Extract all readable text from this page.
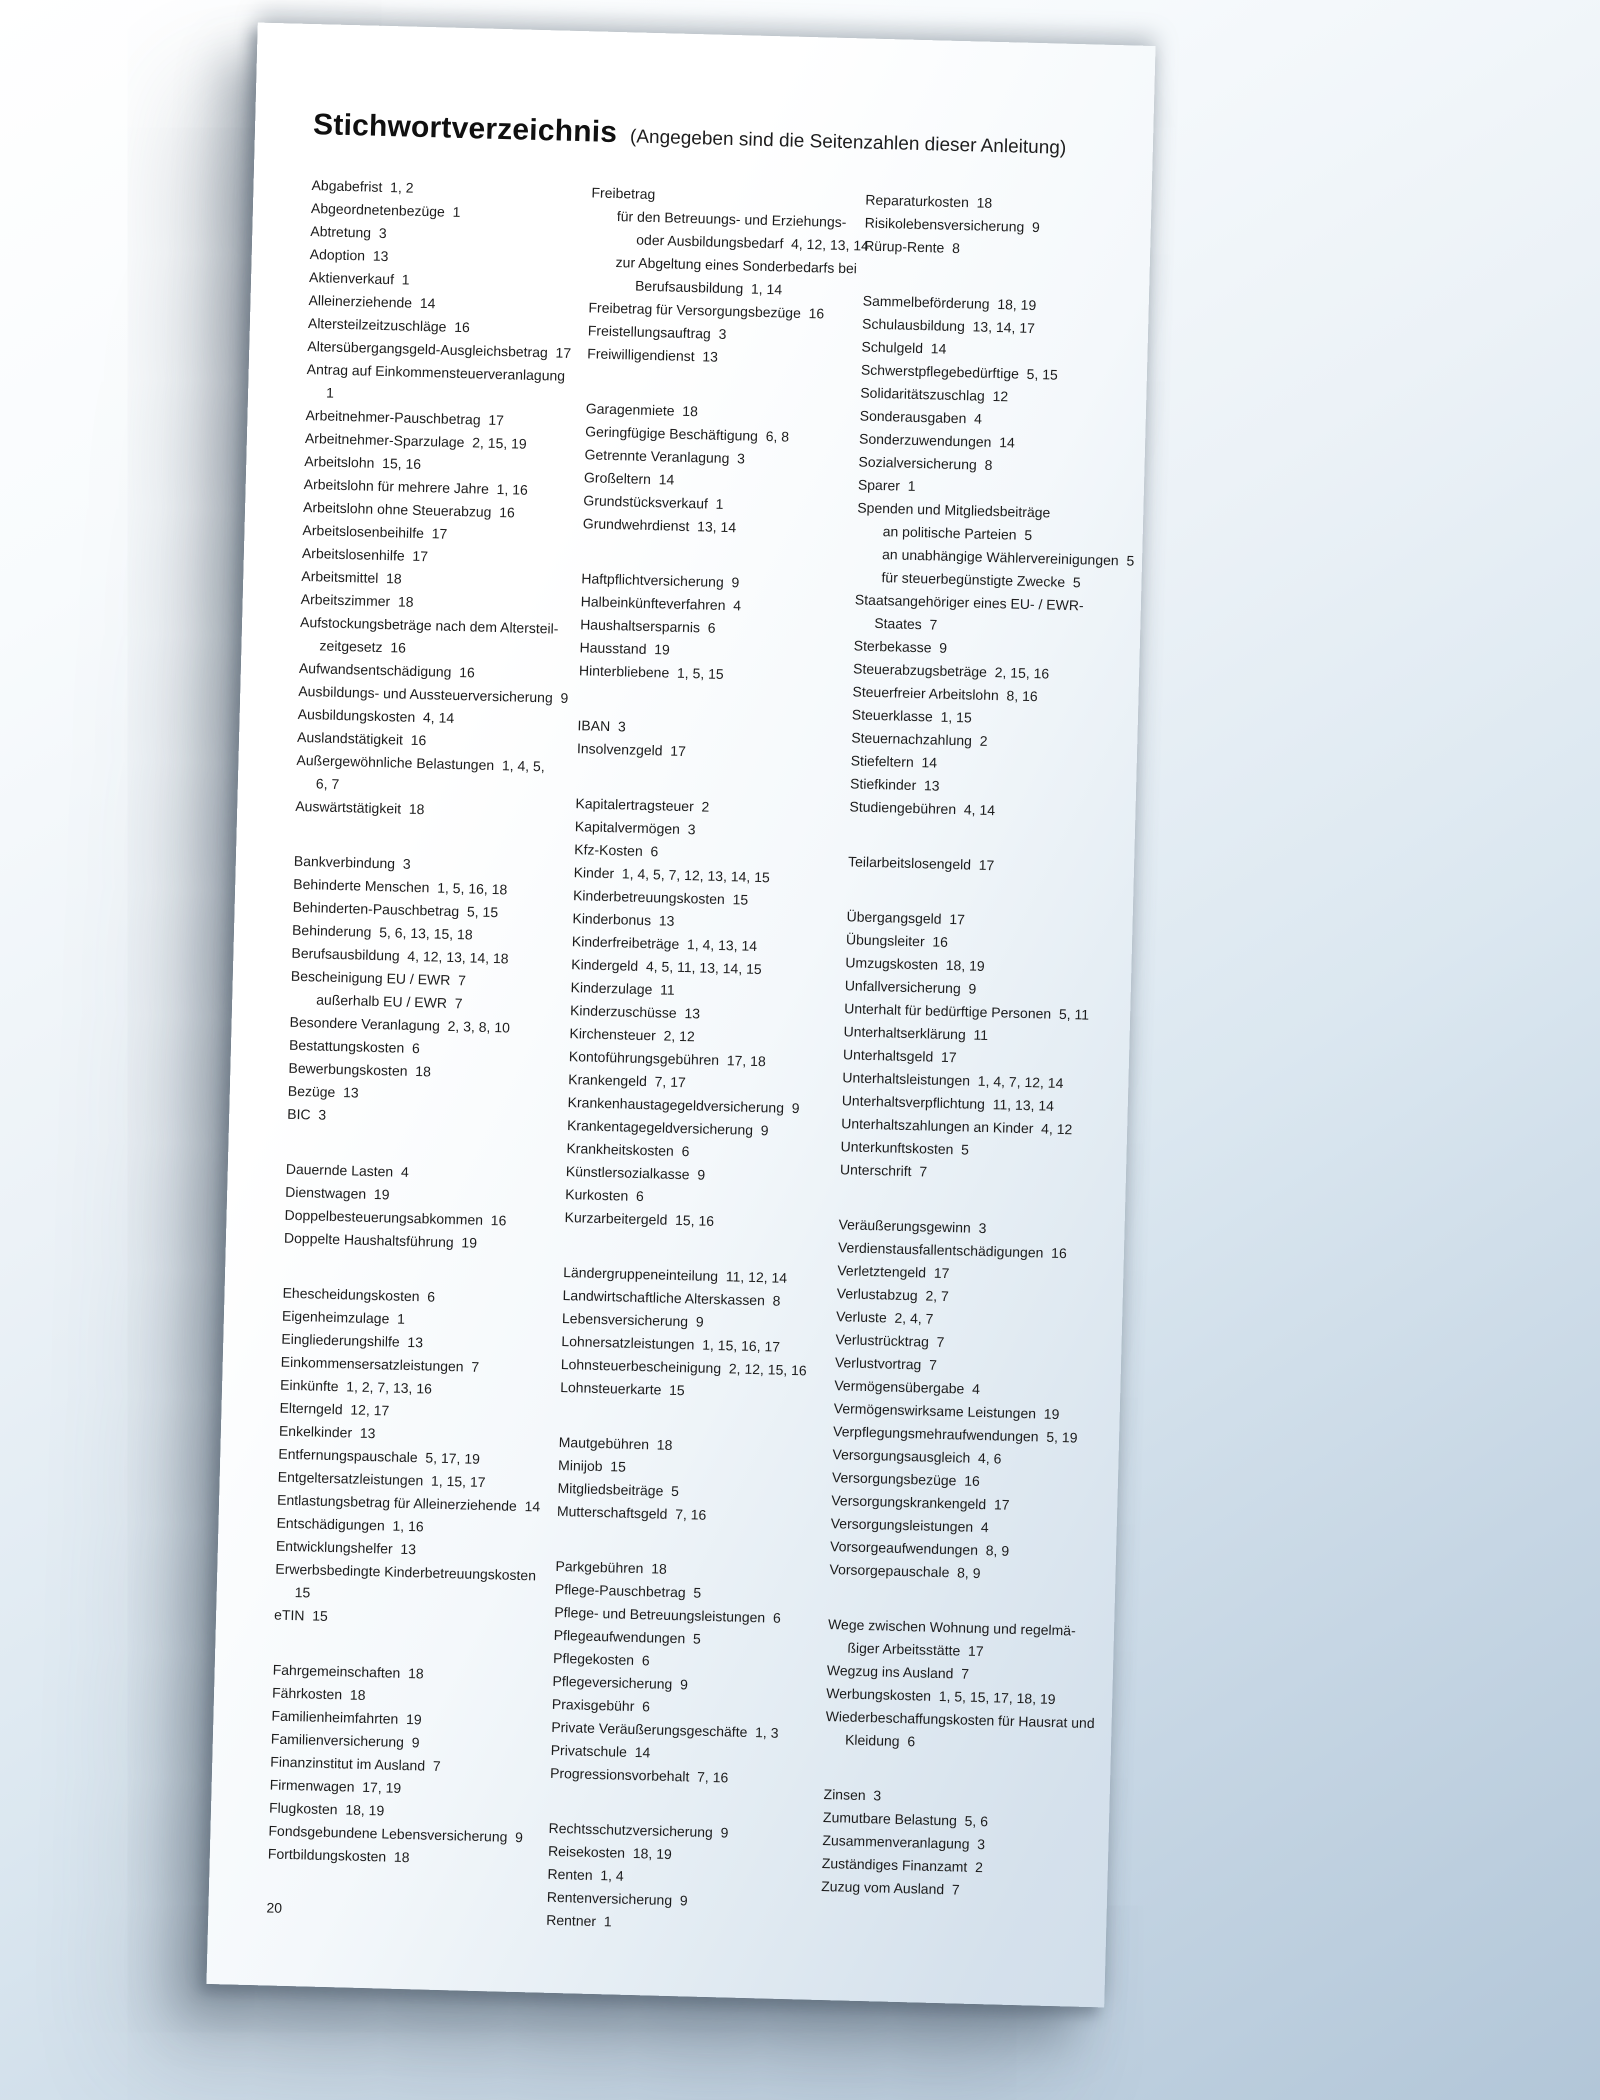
Stichwortverzeichnis (Angegeben sind die Seitenzahlen dieser Anleitung)
Abgabefrist  1, 2
Abgeordnetenbezüge  1
Abtretung  3
Adoption  13
Aktienverkauf  1
Alleinerziehende  14
Altersteilzeitzuschläge  16
Altersübergangsgeld-Ausgleichsbetrag  17
Antrag auf Einkommensteuerveranlagung
1
Arbeitnehmer-Pauschbetrag  17
Arbeitnehmer-Sparzulage  2, 15, 19
Arbeitslohn  15, 16
Arbeitslohn für mehrere Jahre  1, 16
Arbeitslohn ohne Steuerabzug  16
Arbeitslosenbeihilfe  17
Arbeitslosenhilfe  17
Arbeitsmittel  18
Arbeitszimmer  18
Aufstockungsbeträge nach dem Altersteil-
zeitgesetz  16
Aufwandsentschädigung  16
Ausbildungs- und Aussteuerversicherung  9
Ausbildungskosten  4, 14
Auslandstätigkeit  16
Außergewöhnliche Belastungen  1, 4, 5,
6, 7
Auswärtstätigkeit  18
Bankverbindung  3
Behinderte Menschen  1, 5, 16, 18
Behinderten-Pauschbetrag  5, 15
Behinderung  5, 6, 13, 15, 18
Berufsausbildung  4, 12, 13, 14, 18
Bescheinigung EU / EWR  7
außerhalb EU / EWR  7
Besondere Veranlagung  2, 3, 8, 10
Bestattungskosten  6
Bewerbungskosten  18
Bezüge  13
BIC  3
Dauernde Lasten  4
Dienstwagen  19
Doppelbesteuerungsabkommen  16
Doppelte Haushaltsführung  19
Ehescheidungskosten  6
Eigenheimzulage  1
Eingliederungshilfe  13
Einkommensersatzleistungen  7
Einkünfte  1, 2, 7, 13, 16
Elterngeld  12, 17
Enkelkinder  13
Entfernungspauschale  5, 17, 19
Entgeltersatzleistungen  1, 15, 17
Entlastungsbetrag für Alleinerziehende  14
Entschädigungen  1, 16
Entwicklungshelfer  13
Erwerbsbedingte Kinderbetreuungskosten
15
eTIN  15
Fahrgemeinschaften  18
Fährkosten  18
Familienheimfahrten  19
Familienversicherung  9
Finanzinstitut im Ausland  7
Firmenwagen  17, 19
Flugkosten  18, 19
Fondsgebundene Lebensversicherung  9
Fortbildungskosten  18
Freibetrag
für den Betreuungs- und Erziehungs-
oder Ausbildungsbedarf  4, 12, 13, 14
zur Abgeltung eines Sonderbedarfs bei
Berufsausbildung  1, 14
Freibetrag für Versorgungsbezüge  16
Freistellungsauftrag  3
Freiwilligendienst  13
Garagenmiete  18
Geringfügige Beschäftigung  6, 8
Getrennte Veranlagung  3
Großeltern  14
Grundstücksverkauf  1
Grundwehrdienst  13, 14
Haftpflichtversicherung  9
Halbeinkünfteverfahren  4
Haushaltsersparnis  6
Hausstand  19
Hinterbliebene  1, 5, 15
IBAN  3
Insolvenzgeld  17
Kapitalertragsteuer  2
Kapitalvermögen  3
Kfz-Kosten  6
Kinder  1, 4, 5, 7, 12, 13, 14, 15
Kinderbetreuungskosten  15
Kinderbonus  13
Kinderfreibeträge  1, 4, 13, 14
Kindergeld  4, 5, 11, 13, 14, 15
Kinderzulage  11
Kinderzuschüsse  13
Kirchensteuer  2, 12
Kontoführungsgebühren  17, 18
Krankengeld  7, 17
Krankenhaustagegeldversicherung  9
Krankentagegeldversicherung  9
Krankheitskosten  6
Künstlersozialkasse  9
Kurkosten  6
Kurzarbeitergeld  15, 16
Ländergruppeneinteilung  11, 12, 14
Landwirtschaftliche Alterskassen  8
Lebensversicherung  9
Lohnersatzleistungen  1, 15, 16, 17
Lohnsteuerbescheinigung  2, 12, 15, 16
Lohnsteuerkarte  15
Mautgebühren  18
Minijob  15
Mitgliedsbeiträge  5
Mutterschaftsgeld  7, 16
Parkgebühren  18
Pflege-Pauschbetrag  5
Pflege- und Betreuungsleistungen  6
Pflegeaufwendungen  5
Pflegekosten  6
Pflegeversicherung  9
Praxisgebühr  6
Private Veräußerungsgeschäfte  1, 3
Privatschule  14
Progressionsvorbehalt  7, 16
Rechtsschutzversicherung  9
Reisekosten  18, 19
Renten  1, 4
Rentenversicherung  9
Rentner  1
Reparaturkosten  18
Risikolebensversicherung  9
Rürup-Rente  8
Sammelbeförderung  18, 19
Schulausbildung  13, 14, 17
Schulgeld  14
Schwerstpflegebedürftige  5, 15
Solidaritätszuschlag  12
Sonderausgaben  4
Sonderzuwendungen  14
Sozialversicherung  8
Sparer  1
Spenden und Mitgliedsbeiträge
an politische Parteien  5
an unabhängige Wählervereinigungen  5
für steuerbegünstigte Zwecke  5
Staatsangehöriger eines EU- / EWR-
Staates  7
Sterbekasse  9
Steuerabzugsbeträge  2, 15, 16
Steuerfreier Arbeitslohn  8, 16
Steuerklasse  1, 15
Steuernachzahlung  2
Stiefeltern  14
Stiefkinder  13
Studiengebühren  4, 14
Teilarbeitslosengeld  17
Übergangsgeld  17
Übungsleiter  16
Umzugskosten  18, 19
Unfallversicherung  9
Unterhalt für bedürftige Personen  5, 11
Unterhaltserklärung  11
Unterhaltsgeld  17
Unterhaltsleistungen  1, 4, 7, 12, 14
Unterhaltsverpflichtung  11, 13, 14
Unterhaltszahlungen an Kinder  4, 12
Unterkunftskosten  5
Unterschrift  7
Veräußerungsgewinn  3
Verdienstausfallentschädigungen  16
Verletztengeld  17
Verlustabzug  2, 7
Verluste  2, 4, 7
Verlustrücktrag  7
Verlustvortrag  7
Vermögensübergabe  4
Vermögenswirksame Leistungen  19
Verpflegungsmehraufwendungen  5, 19
Versorgungsausgleich  4, 6
Versorgungsbezüge  16
Versorgungskrankengeld  17
Versorgungsleistungen  4
Vorsorgeaufwendungen  8, 9
Vorsorgepauschale  8, 9
Wege zwischen Wohnung und regelmä-
ßiger Arbeitsstätte  17
Wegzug ins Ausland  7
Werbungskosten  1, 5, 15, 17, 18, 19
Wiederbeschaffungskosten für Hausrat und
Kleidung  6
Zinsen  3
Zumutbare Belastung  5, 6
Zusammenveranlagung  3
Zuständiges Finanzamt  2
Zuzug vom Ausland  7
20
